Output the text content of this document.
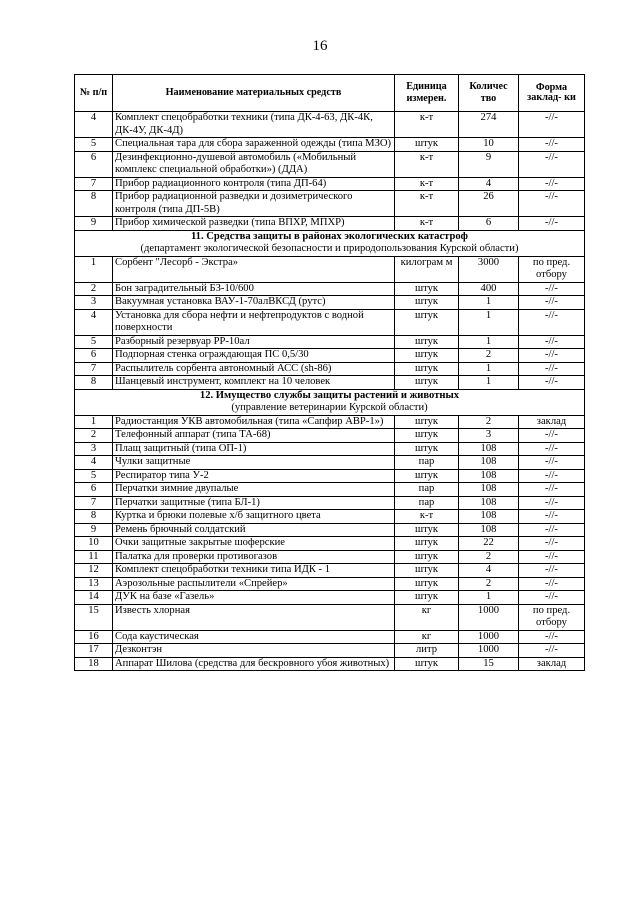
16
№ п/п	Наименование материальных средств	Единица измерен.	Количес тво	Форма заклад- ки
4	Комплект спецобработки техники (типа ДК-4-63, ДК-4К, ДК-4У, ДК-4Д)	к-т	274	-//-
5	Специальная тара для сбора зараженной одежды (типа МЗО)	штук	10	-//-
6	Дезинфекционно-душевой автомобиль («Мобильный комплекс специальной обработки») (ДДА)	к-т	9	-//-
7	Прибор радиационного контроля (типа ДП-64)	к-т	4	-//-
8	Прибор радиационной разведки и дозиметрического контроля (типа ДП-5В)	к-т	26	-//-
9	Прибор химической разведки (типа ВПХР, МПХР)	к-т	6	-//-

11. Средства защиты в районах экологических катастроф
(департамент экологической безопасности и природопользования Курской области)				

1	Сорбент "Лесорб - Экстра»	килограм м	3000	по пред. отбору
2	Бон заградительный БЗ-10/600	штук	400	-//-
3	Вакуумная установка ВАУ-1-70алВКСД (рутс)	штук	1	-//-
4	Установка для сбора нефти и нефтепродуктов с водной поверхности	штук	1	-//-
5	Разборный резервуар РР-10ал	штук	1	-//-
6	Подпорная стенка ограждающая ПС 0,5/30	штук	2	-//-
7	Распылитель сорбента автономный АСС (sh-86)	штук	1	-//-
8	Шанцевый инструмент, комплект на 10 человек	штук	1	-//-

12. Имущество службы защиты растений и животных
(управление ветеринарии Курской области)				

1	Радиостанция УКВ автомобильная (типа «Сапфир АВР-1»)	штук	2	заклад
2	Телефонный аппарат (типа ТА-68)	штук	3	-//-
3	Плащ защитный (типа ОП-1)	штук	108	-//-
4	Чулки защитные	пар	108	-//-
5	Респиратор типа У-2	штук	108	-//-
6	Перчатки зимние двупалые	пар	108	-//-
7	Перчатки защитные (типа БЛ-1)	пар	108	-//-
8	Куртка и брюки полевые х/б защитного цвета	к-т	108	-//-
9	Ремень брючный солдатский	штук	108	-//-
10	Очки защитные закрытые шоферские	штук	22	-//-
11	Палатка для проверки противогазов	штук	2	-//-
12	Комплект спецобработки техники типа ИДК - 1	штук	4	-//-
13	Аэрозольные распылители «Спрейер»	штук	2	-//-
14	ДУК на базе «Газель»	штук	1	-//-
15	Известь хлорная	кг	1000	по пред. отбору
16	Сода каустическая	кг	1000	-//-
17	Дезконтэн	литр	1000	-//-
18	Аппарат Шилова (средства для бескровного убоя животных)	штук	15	заклад
